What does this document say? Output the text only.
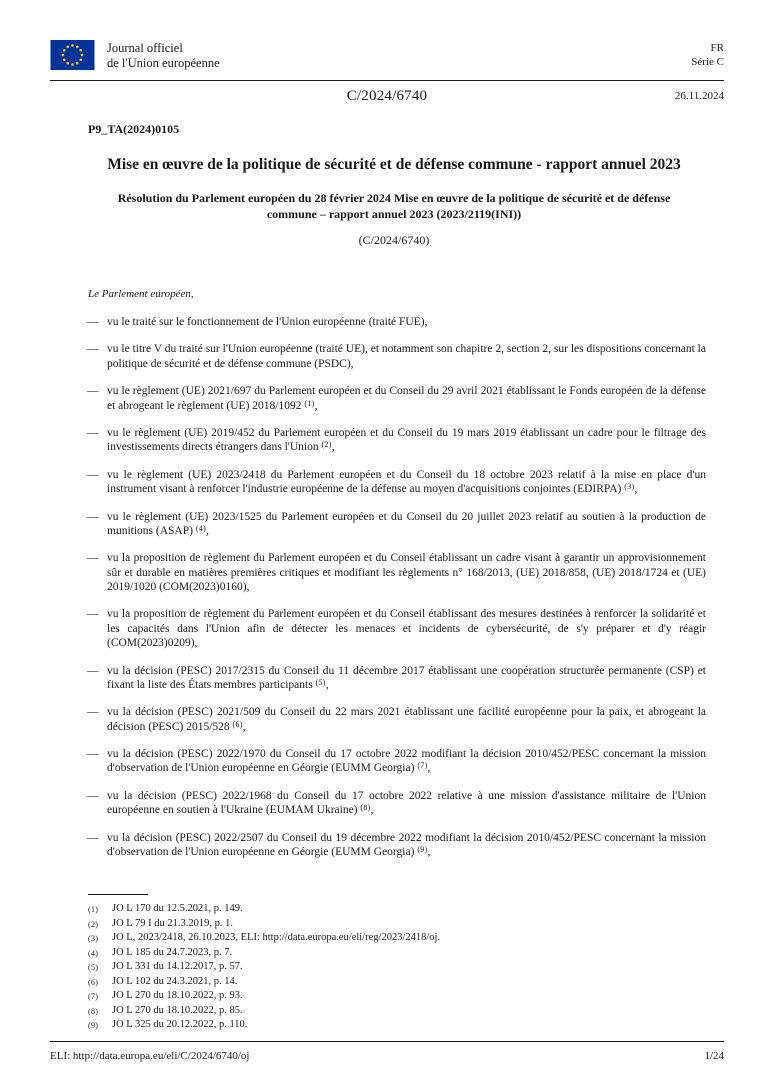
Journal officiel
de l'Union européenne
FR
Série C
C/2024/6740	26.11.2024

P9_TA(2024)0105

Mise en œuvre de la politique de sécurité et de défense commune - rapport annuel 2023
Résolution du Parlement européen du 28 février 2024 Mise en œuvre de la politique de sécurité et de défense commune – rapport annuel 2023 (2023/2119(INI))

(C/2024/6740)

Le Parlement européen,

— vu le traité sur le fonctionnement de l'Union européenne (traité FUE),
— vu le titre V du traité sur l'Union européenne (traité UE), et notamment son chapitre 2, section 2, sur les dispositions concernant la politique de sécurité et de défense commune (PSDC),
— vu le règlement (UE) 2021/697 du Parlement européen et du Conseil du 29 avril 2021 établissant le Fonds européen de la défense et abrogeant le règlement (UE) 2018/1092 $^{(1)}$,
— vu le règlement (UE) 2019/452 du Parlement européen et du Conseil du 19 mars 2019 établissant un cadre pour le filtrage des investissements directs étrangers dans l'Union $^{(2)}$,
— vu le règlement (UE) 2023/2418 du Parlement européen et du Conseil du 18 octobre 2023 relatif à la mise en place d'un instrument visant à renforcer l'industrie européenne de la défense au moyen d'acquisitions conjointes (EDIRPA) $^{(3)}$,
— vu le règlement (UE) 2023/1525 du Parlement européen et du Conseil du 20 juillet 2023 relatif au soutien à la production de munitions (ASAP) $^{(4)}$,
— vu la proposition de règlement du Parlement européen et du Conseil établissant un cadre visant à garantir un approvisionnement sûr et durable en matières premières critiques et modifiant les règlements n° 168/2013, (UE) 2018/858, (UE) 2018/1724 et (UE) 2019/1020 (COM(2023)0160),
— vu la proposition de règlement du Parlement européen et du Conseil établissant des mesures destinées à renforcer la solidarité et les capacités dans l'Union afin de détecter les menaces et incidents de cybersécurité, de s'y préparer et d'y réagir (COM(2023)0209),
— vu la décision (PESC) 2017/2315 du Conseil du 11 décembre 2017 établissant une coopération structurée permanente (CSP) et fixant la liste des États membres participants $^{(5)}$,
— vu la décision (PESC) 2021/509 du Conseil du 22 mars 2021 établissant une facilité européenne pour la paix, et abrogeant la décision (PESC) 2015/528 $^{(6)}$,
— vu la décision (PESC) 2022/1970 du Conseil du 17 octobre 2022 modifiant la décision 2010/452/PESC concernant la mission d'observation de l'Union européenne en Géorgie (EUMM Georgia) $^{(7)}$,
— vu la décision (PESC) 2022/1968 du Conseil du 17 octobre 2022 relative à une mission d'assistance militaire de l'Union européenne en soutien à l'Ukraine (EUMAM Ukraine) $^{(8)}$,
— vu la décision (PESC) 2022/2507 du Conseil du 19 décembre 2022 modifiant la décision 2010/452/PESC concernant la mission d'observation de l'Union européenne en Géorgie (EUMM Georgia) $^{(9)}$,
(1)	JO L 170 du 12.5.2021, p. 149.
(2)	JO L 79 I du 21.3.2019, p. 1.
(3)	JO L, 2023/2418, 26.10.2023, ELI: http://data.europa.eu/eli/reg/2023/2418/oj.
(4)	JO L 185 du 24.7.2023, p. 7.
(5)	JO L 331 du 14.12.2017, p. 57.
(6)	JO L 102 du 24.3.2021, p. 14.
(7)	JO L 270 du 18.10.2022, p. 93.
(8)	JO L 270 du 18.10.2022, p. 85.
(9)	JO L 325 du 20.12.2022, p. 110.
ELI: http://data.europa.eu/eli/C/2024/6740/oj	1/24
